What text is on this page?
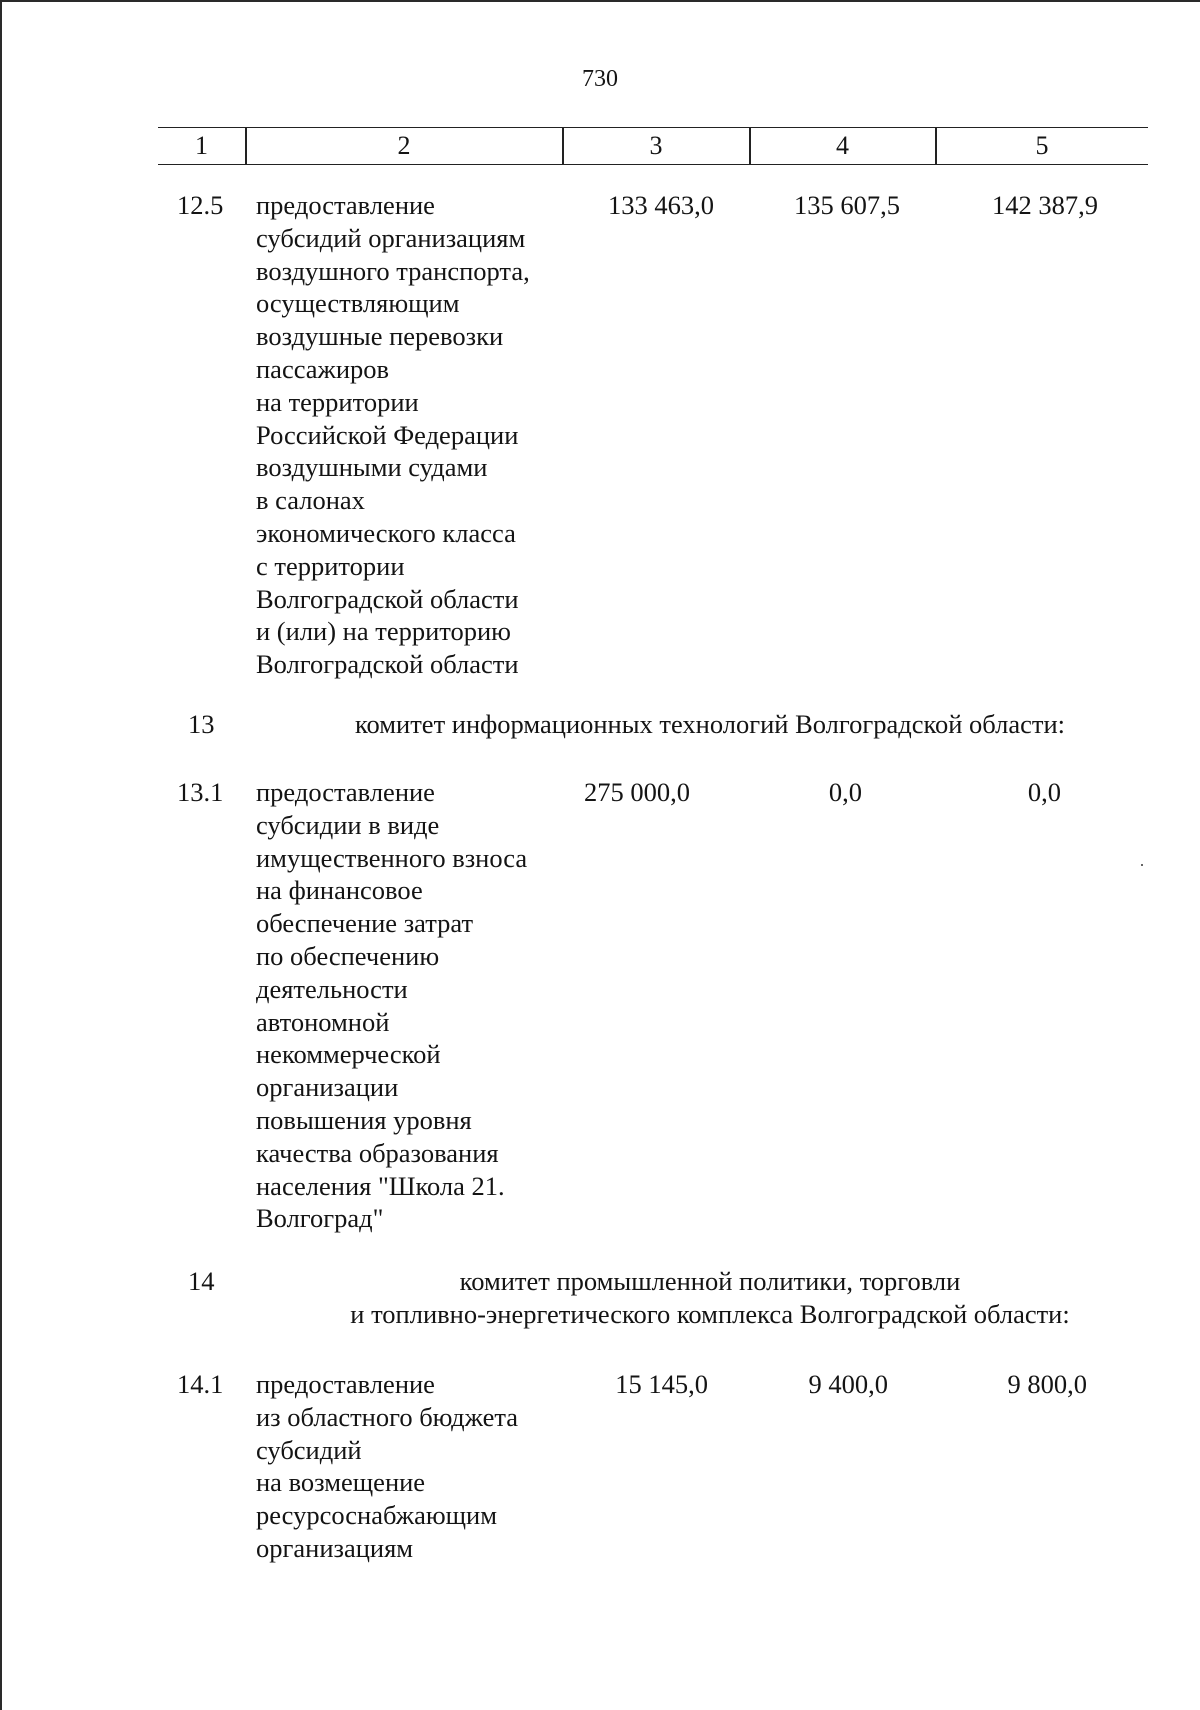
730
1	2	3	4	5
12.5 предоставление
субсидий организациям
воздушного транспорта,
осуществляющим
воздушные перевозки
пассажиров
на территории
Российской Федерации
воздушными судами
в салонах
экономического класса
с территории
Волгоградской области
и (или) на территорию
Волгоградской области
133 463,0	135 607,5	142 387,9
13	комитет информационных технологий Волгоградской области:
13.1 предоставление
субсидии в виде
имущественного взноса
на финансовое
обеспечение затрат
по обеспечению
деятельности
автономной
некоммерческой
организации
повышения уровня
качества образования
населения "Школа 21.
Волгоград"
275 000,0	0,0	0,0
14	комитет промышленной политики, торговли
и топливно-энергетического комплекса Волгоградской области:
14.1 предоставление
из областного бюджета
субсидий
на возмещение
ресурсоснабжающим
организациям
15 145,0	9 400,0	9 800,0
